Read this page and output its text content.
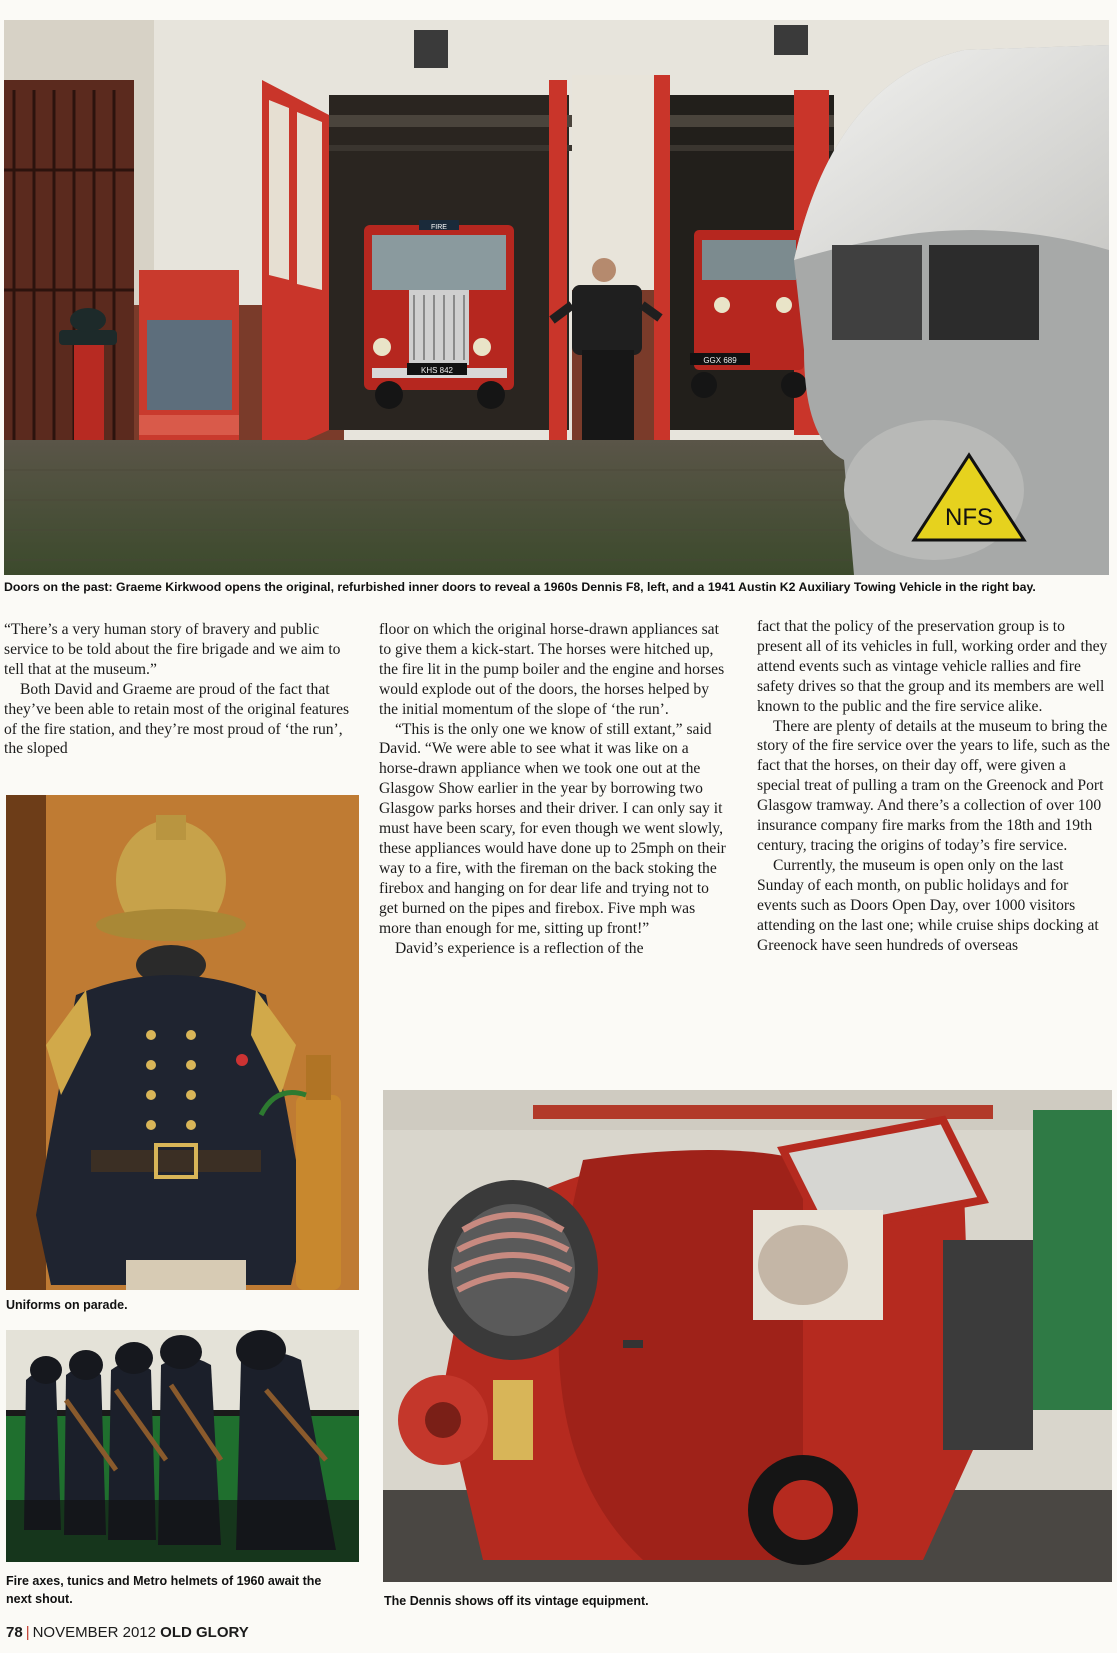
NFS
KHS 842
GGX 689
FIRE
Doors on the past: Graeme Kirkwood opens the original, refurbished inner doors to reveal a 1960s Dennis F8, left, and a 1941 Austin K2 Auxiliary Towing Vehicle in the right bay.

“There’s a very human story of bravery and public service to be told about the fire brigade and we aim to tell that at the museum.”

Both David and Graeme are proud of the fact that they’ve been able to retain most of the original features of the fire station, and they’re most proud of ‘the run’, the sloped

floor on which the original horse-drawn appliances sat to give them a kick-start. The horses were hitched up, the fire lit in the pump boiler and the engine and horses would explode out of the doors, the horses helped by the initial momentum of the slope of ‘the run’.

“This is the only one we know of still extant,” said David. “We were able to see what it was like on a horse-drawn appliance when we took one out at the Glasgow Show earlier in the year by borrowing two Glasgow parks horses and their driver. I can only say it must have been scary, for even though we went slowly, these appliances would have done up to 25mph on their way to a fire, with the fireman on the back stoking the firebox and hanging on for dear life and trying not to get burned on the pipes and firebox. Five mph was more than enough for me, sitting up front!”

David’s experience is a reflection of the

fact that the policy of the preservation group is to present all of its vehicles in full, working order and they attend events such as vintage vehicle rallies and fire safety drives so that the group and its members are well known to the public and the fire service alike.

There are plenty of details at the museum to bring the story of the fire service over the years to life, such as the fact that the horses, on their day off, were given a special treat of pulling a tram on the Greenock and Port Glasgow tramway. And there’s a collection of over 100 insurance company fire marks from the 18th and 19th century, tracing the origins of today’s fire service.

Currently, the museum is open only on the last Sunday of each month, on public holidays and for events such as Doors Open Day, over 1000 visitors attending on the last one; while cruise ships docking at Greenock have seen hundreds of overseas

Uniforms on parade.
Fire axes, tunics and Metro helmets of 1960 await the next shout.	The Dennis shows off its vintage equipment.
78 | NOVEMBER 2012 OLD GLORY
